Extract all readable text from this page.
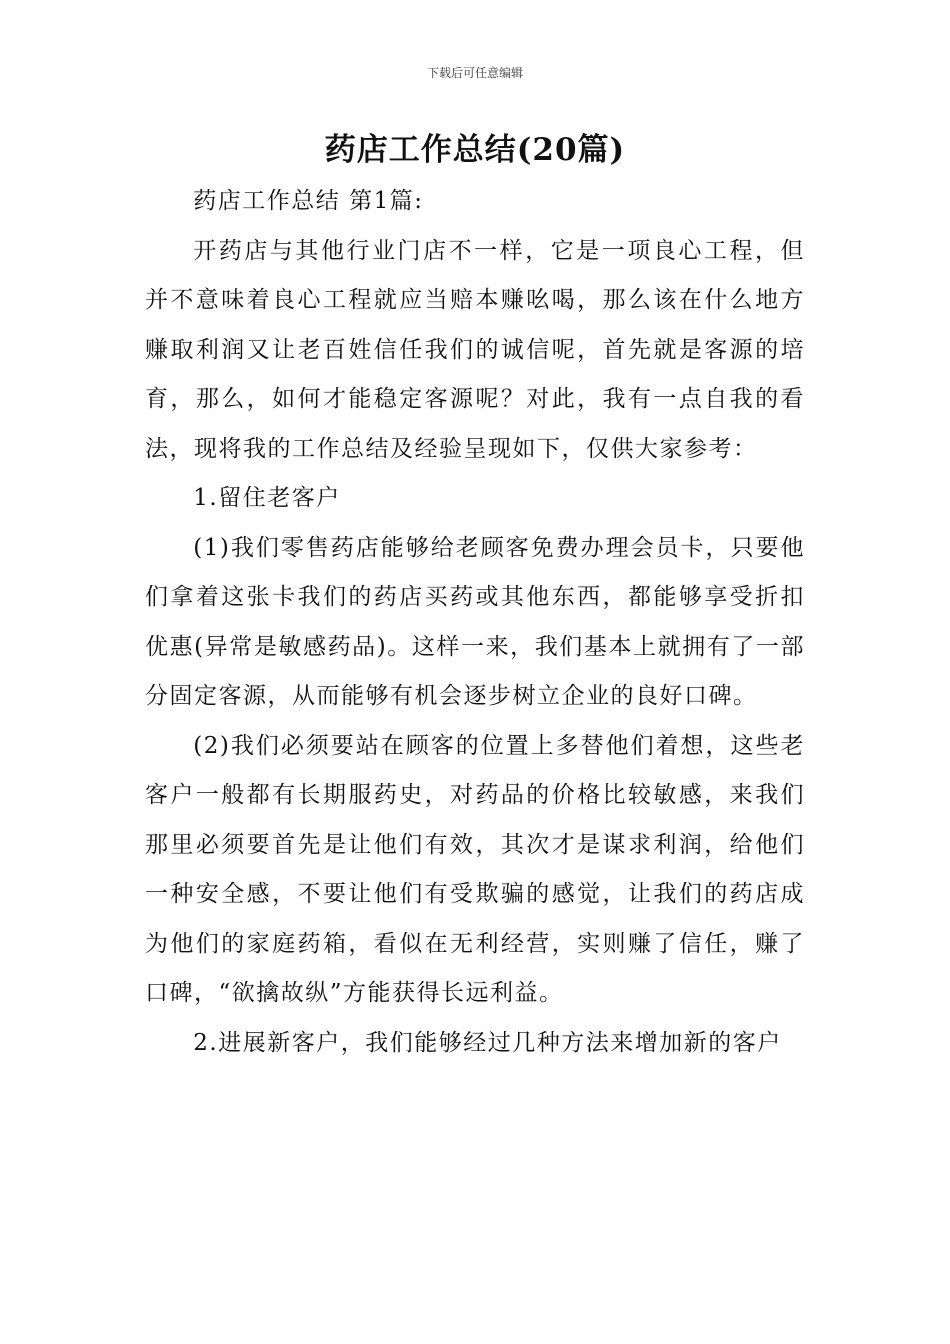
下载后可任意编辑
药店工作总结(20篇)

药店工作总结 第1篇:

开药店与其他行业门店不一样，它是一项良心工程，但并不意味着良心工程就应当赔本赚吆喝，那么该在什么地方赚取利润又让老百姓信任我们的诚信呢，首先就是客源的培育，那么，如何才能稳定客源呢？对此，我有一点自我的看法，现将我的工作总结及经验呈现如下，仅供大家参考：

1.留住老客户

(1)我们零售药店能够给老顾客免费办理会员卡，只要他们拿着这张卡我们的药店买药或其他东西，都能够享受折扣优惠(异常是敏感药品)。这样一来，我们基本上就拥有了一部分固定客源，从而能够有机会逐步树立企业的良好口碑。

(2)我们必须要站在顾客的位置上多替他们着想，这些老客户一般都有长期服药史，对药品的价格比较敏感，来我们那里必须要首先是让他们有效，其次才是谋求利润，给他们一种安全感，不要让他们有受欺骗的感觉，让我们的药店成为他们的家庭药箱，看似在无利经营，实则赚了信任，赚了口碑，“欲擒故纵”方能获得长远利益。

2.进展新客户，我们能够经过几种方法来增加新的客户
